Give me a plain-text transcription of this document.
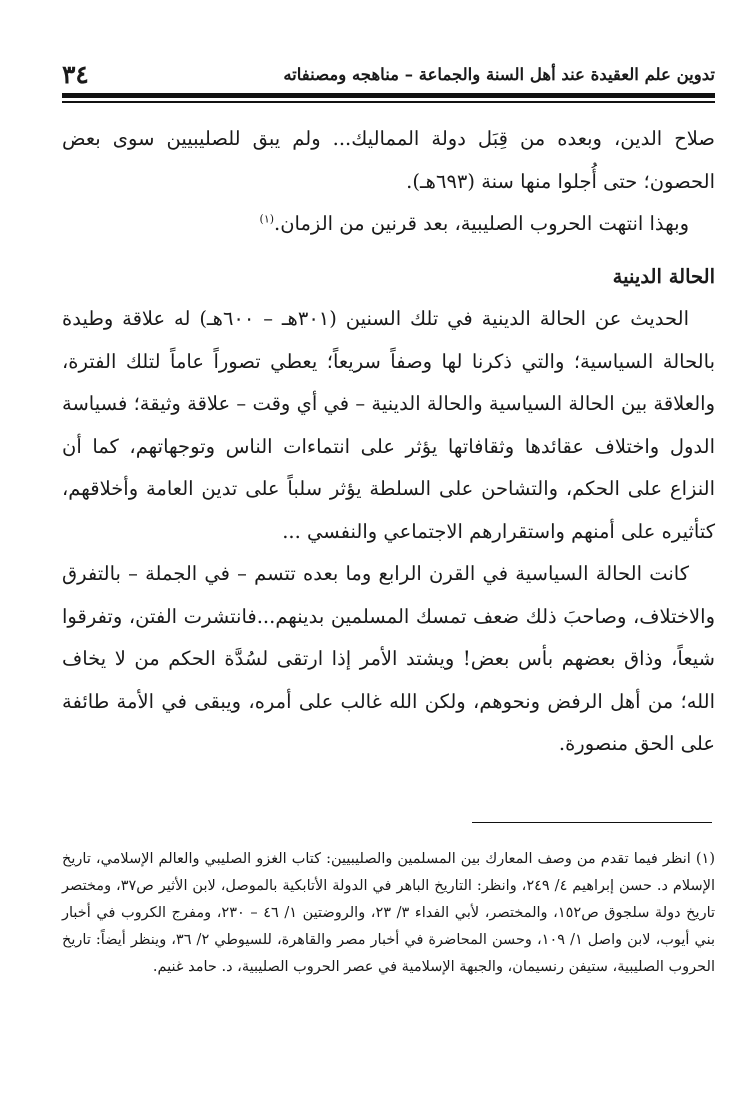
٣٤	تدوين علم العقيدة عند أهل السنة والجماعة – مناهجه ومصنفاته

صلاح الدين، وبعده من قِبَل دولة المماليك... ولم يبق للصليبيين سوى بعض الحصون؛ حتى أُجلوا منها سنة (٦٩٣هـ).

وبهذا انتهت الحروب الصليبية، بعد قرنين من الزمان.$^{(١)}$

الحالة الدينية

الحديث عن الحالة الدينية في تلك السنين (٣٠١هـ – ٦٠٠هـ) له علاقة وطيدة بالحالة السياسية؛ والتي ذكرنا لها وصفاً سريعاً؛ يعطي تصوراً عاماً لتلك الفترة، والعلاقة بين الحالة السياسية والحالة الدينية – في أي وقت – علاقة وثيقة؛ فسياسة الدول واختلاف عقائدها وثقافاتها يؤثر على انتماءات الناس وتوجهاتهم، كما أن النزاع على الحكم، والتشاحن على السلطة يؤثر سلباً على تدين العامة وأخلاقهم، كتأثيره على أمنهم واستقرارهم الاجتماعي والنفسي ...

كانت الحالة السياسية في القرن الرابع وما بعده تتسم – في الجملة – بالتفرق والاختلاف، وصاحبَ ذلك ضعف تمسك المسلمين بدينهم...فانتشرت الفتن، وتفرقوا شيعاً، وذاق بعضهم بأس بعض! ويشتد الأمر إذا ارتقى لسُدَّة الحكم من لا يخاف الله؛ من أهل الرفض ونحوهم، ولكن الله غالب على أمره، ويبقى في الأمة طائفة على الحق منصورة.

(١) انظر فيما تقدم من وصف المعارك بين المسلمين والصليبيين: كتاب الغزو الصليبي والعالم الإسلامي، تاريخ الإسلام د. حسن إبراهيم ٤/ ٢٤٩، وانظر: التاريخ الباهر في الدولة الأتابكية بالموصل، لابن الأثير ص٣٧، ومختصر تاريخ دولة سلجوق ص١٥٢، والمختصر، لأبي الفداء ٣/ ٢٣، والروضتين ١/ ٤٦ – ٢٣٠، ومفرج الكروب في أخبار بني أيوب، لابن واصل ١/ ١٠٩، وحسن المحاضرة في أخبار مصر والقاهرة، للسيوطي ٢/ ٣٦، وينظر أيضاً: تاريخ الحروب الصليبية، ستيفن رنسيمان، والجبهة الإسلامية في عصر الحروب الصليبية، د. حامد غنيم.
